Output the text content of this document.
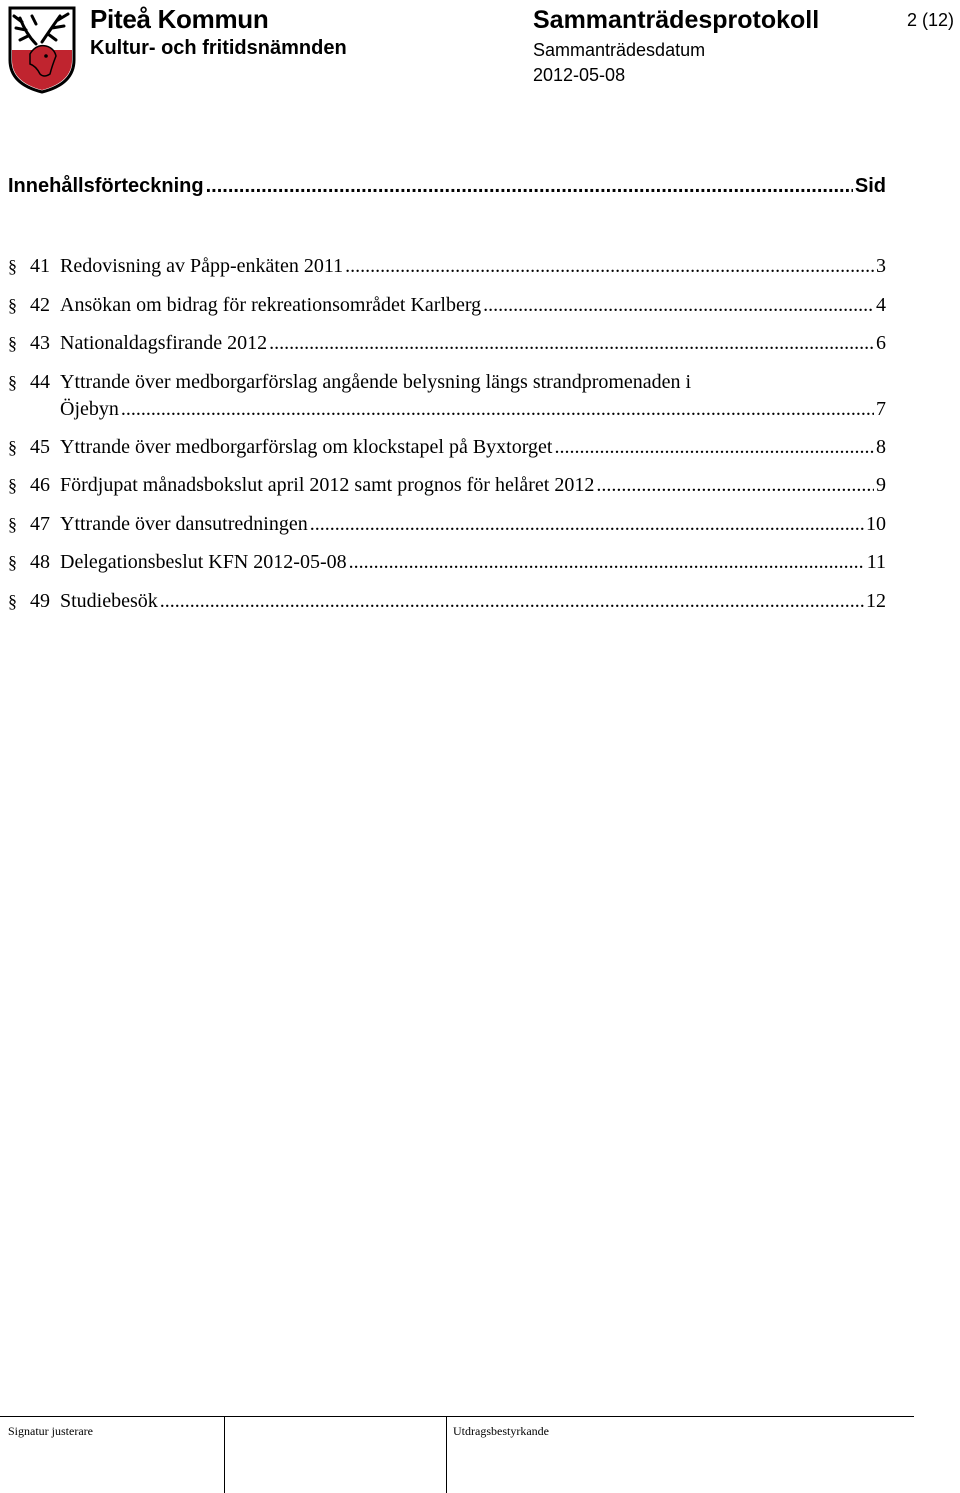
Piteå Kommun
Kultur- och fritidsnämnden
Sammanträdesprotokoll
Sammanträdesdatum
2012-05-08
2 (12)
Innehållsförteckning .....	Sid
§ 41 Redovisning av Påpp-enkäten 2011 .....	3
§ 42 Ansökan om bidrag för rekreationsområdet Karlberg .....	4
§ 43 Nationaldagsfirande 2012 .....	6
§ 44 Yttrande över medborgarförslag angående belysning längs strandpromenaden i
Öjebyn .....	7
§ 45 Yttrande över medborgarförslag om klockstapel på Byxtorget .....	8
§ 46 Fördjupat månadsbokslut april 2012 samt prognos för helåret 2012 .....	9
§ 47 Yttrande över dansutredningen .....	10
§ 48 Delegationsbeslut KFN 2012-05-08 .....	11
§ 49 Studiebesök .....	12
Signatur justerare	Utdragsbestyrkande
